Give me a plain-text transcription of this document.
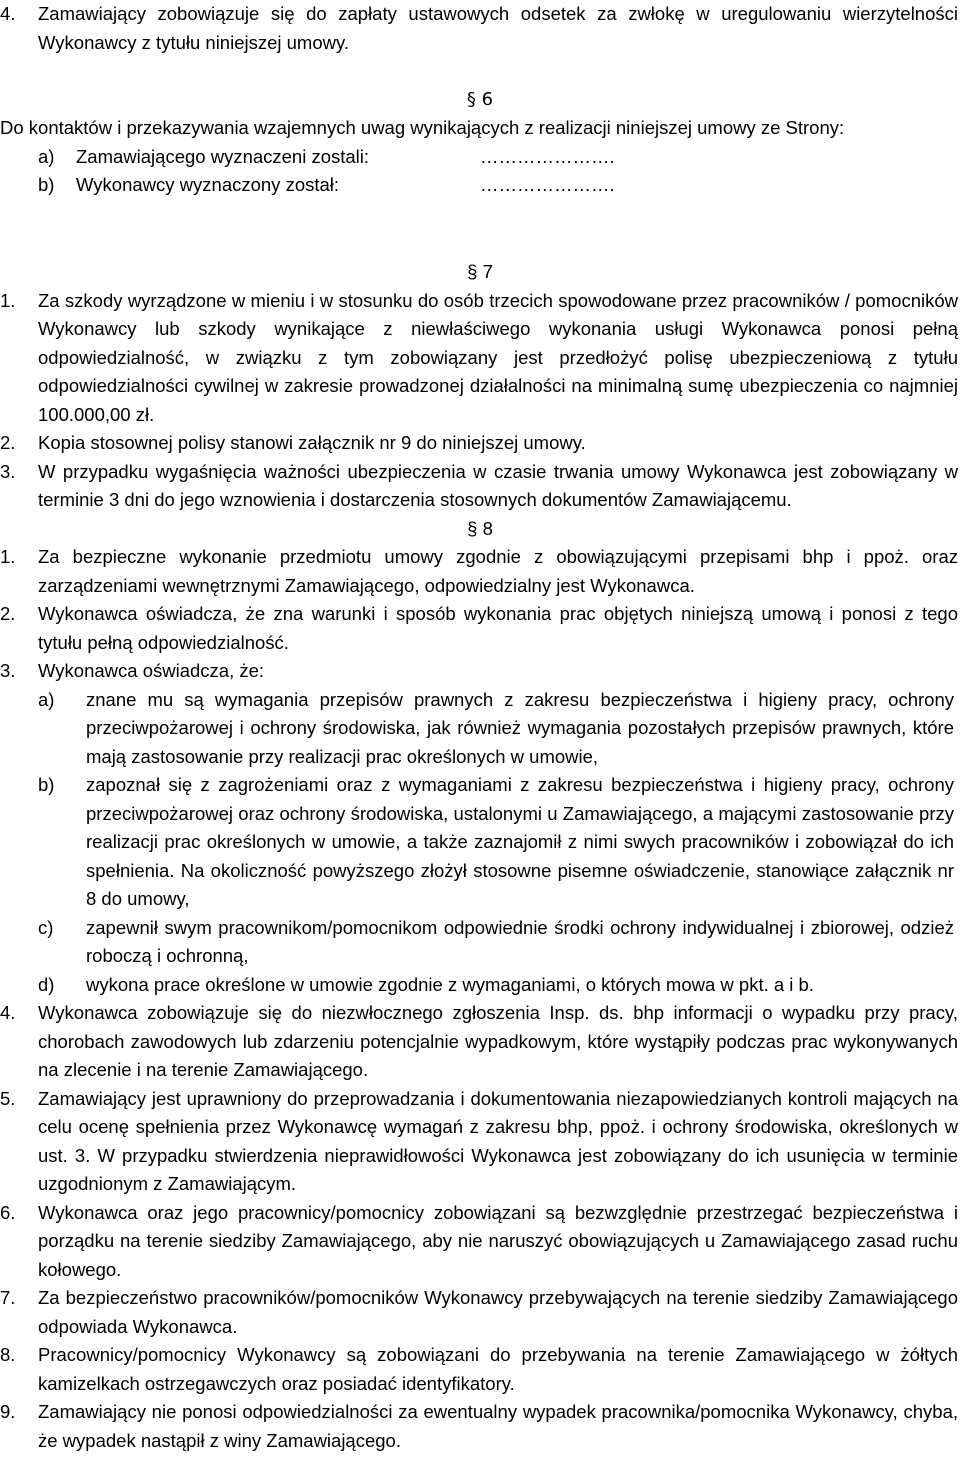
4.	Zamawiający zobowiązuje się do zapłaty ustawowych odsetek za zwłokę w uregulowaniu wierzytelności Wykonawcy z tytułu niniejszej umowy.
§ 6
Do kontaktów i przekazywania wzajemnych uwag wynikających z realizacji niniejszej umowy ze Strony:
a)	Zamawiającego wyznaczeni zostali:	………………….
b)	Wykonawcy wyznaczony został:	………………….
§ 7
1.	Za szkody wyrządzone w mieniu i w stosunku do osób trzecich spowodowane przez pracowników / pomocników Wykonawcy lub szkody wynikające z niewłaściwego wykonania usługi Wykonawca ponosi pełną odpowiedzialność, w związku z tym zobowiązany jest przedłożyć polisę ubezpieczeniową z tytułu odpowiedzialności cywilnej w zakresie prowadzonej działalności na minimalną sumę ubezpieczenia co najmniej 100.000,00 zł.
2.	Kopia stosownej polisy stanowi załącznik nr 9 do niniejszej umowy.
3.	W przypadku wygaśnięcia ważności ubezpieczenia w czasie trwania umowy Wykonawca jest zobowiązany w terminie 3 dni do jego wznowienia i dostarczenia stosownych dokumentów Zamawiającemu.
§ 8
1.	Za bezpieczne wykonanie przedmiotu umowy zgodnie z obowiązującymi przepisami bhp i ppoż. oraz zarządzeniami wewnętrznymi Zamawiającego, odpowiedzialny jest Wykonawca.
2.	Wykonawca oświadcza, że zna warunki i sposób wykonania prac objętych niniejszą umową i ponosi z tego tytułu pełną odpowiedzialność.
3.	Wykonawca oświadcza, że:
a)	znane mu są wymagania przepisów prawnych z zakresu bezpieczeństwa i higieny pracy, ochrony przeciwpożarowej i ochrony środowiska, jak również wymagania pozostałych przepisów prawnych, które mają zastosowanie przy realizacji prac określonych w umowie,
b)	zapoznał się z zagrożeniami oraz z wymaganiami z zakresu bezpieczeństwa i higieny pracy, ochrony przeciwpożarowej oraz ochrony środowiska, ustalonymi u Zamawiającego, a mającymi zastosowanie przy realizacji prac określonych w umowie, a także zaznajomił z nimi swych pracowników i zobowiązał do ich spełnienia. Na okoliczność powyższego złożył stosowne pisemne oświadczenie, stanowiące załącznik nr 8 do umowy,
c)	zapewnił swym pracownikom/pomocnikom odpowiednie środki ochrony indywidualnej i zbiorowej, odzież roboczą i ochronną,
d)	wykona prace określone w umowie zgodnie z wymaganiami, o których mowa w pkt. a i b.
4.	Wykonawca zobowiązuje się do niezwłocznego zgłoszenia Insp. ds. bhp informacji o wypadku przy pracy, chorobach zawodowych lub zdarzeniu potencjalnie wypadkowym, które wystąpiły podczas prac wykonywanych na zlecenie i na terenie Zamawiającego.
5.	Zamawiający jest uprawniony do przeprowadzania i dokumentowania niezapowiedzianych kontroli mających na celu ocenę spełnienia przez Wykonawcę wymagań z zakresu bhp, ppoż. i ochrony środowiska, określonych w ust. 3. W przypadku stwierdzenia nieprawidłowości Wykonawca jest zobowiązany do ich usunięcia w terminie uzgodnionym z Zamawiającym.
6.	Wykonawca oraz jego pracownicy/pomocnicy zobowiązani są bezwzględnie przestrzegać bezpieczeństwa i porządku na terenie siedziby Zamawiającego, aby nie naruszyć obowiązujących u Zamawiającego zasad ruchu kołowego.
7.	Za bezpieczeństwo pracowników/pomocników Wykonawcy przebywających na terenie siedziby Zamawiającego odpowiada Wykonawca.
8.	Pracownicy/pomocnicy Wykonawcy są zobowiązani do przebywania na terenie Zamawiającego w żółtych kamizelkach ostrzegawczych oraz posiadać identyfikatory.
9.	Zamawiający nie ponosi odpowiedzialności za ewentualny wypadek pracownika/pomocnika Wykonawcy, chyba, że wypadek nastąpił z winy Zamawiającego.
